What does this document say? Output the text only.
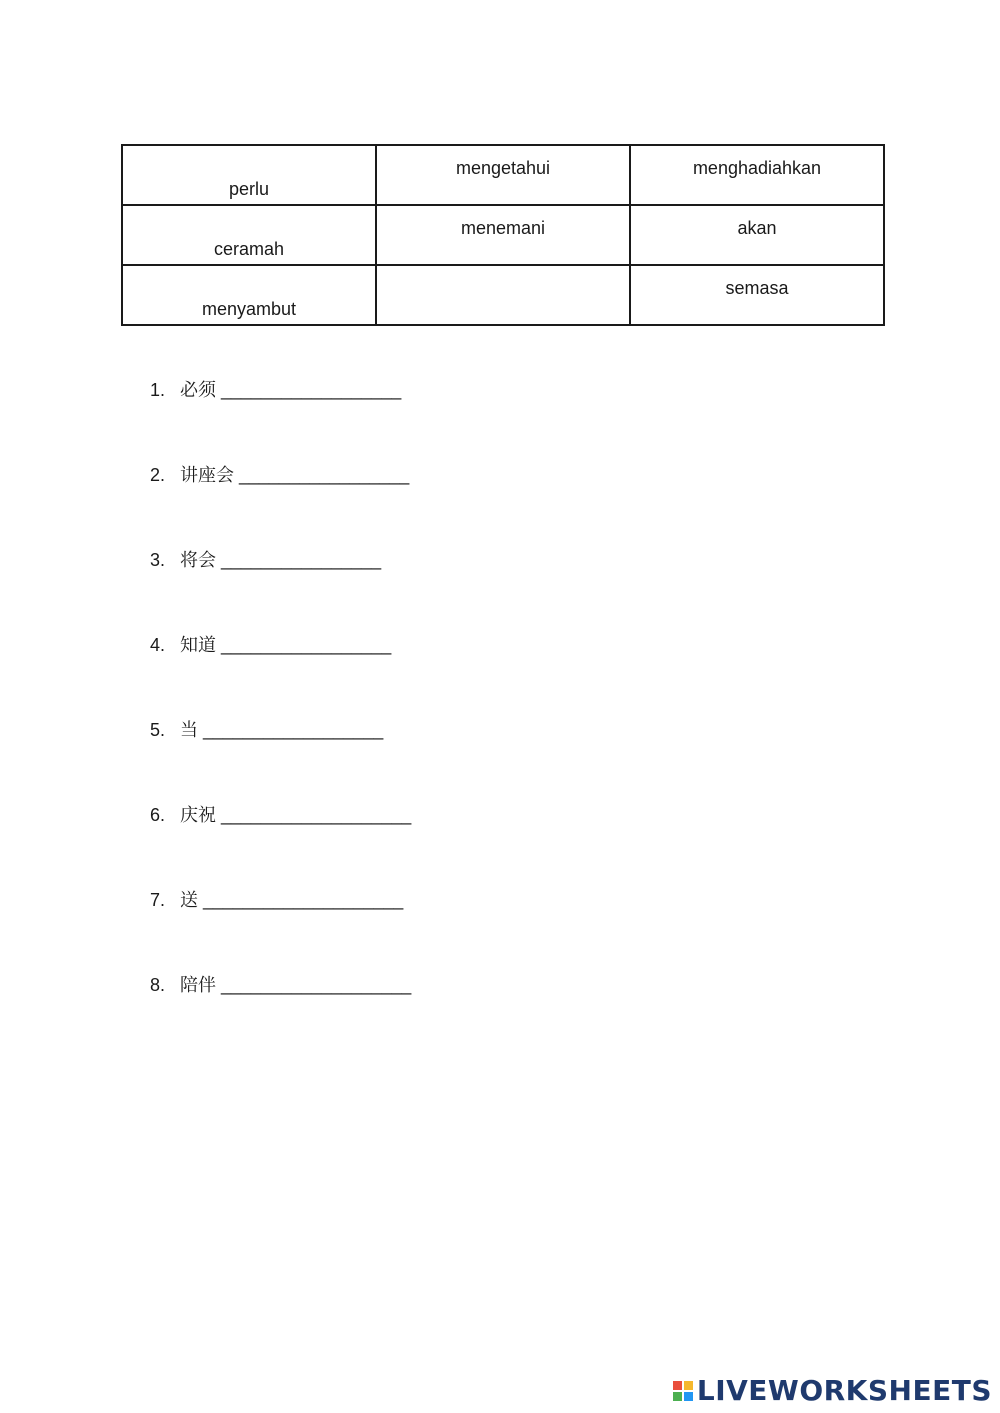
perlu	mengetahui	menghadiahkan

ceramah	menemani	akan

menyambut		semasa
1. 必须 __________________
2. 讲座会 _________________
3. 将会 ________________
4. 知道 _________________
5. 当 __________________
6. 庆祝 ___________________
7. 送 ____________________
8. 陪伴 ___________________
LIVEWORKSHEETS
